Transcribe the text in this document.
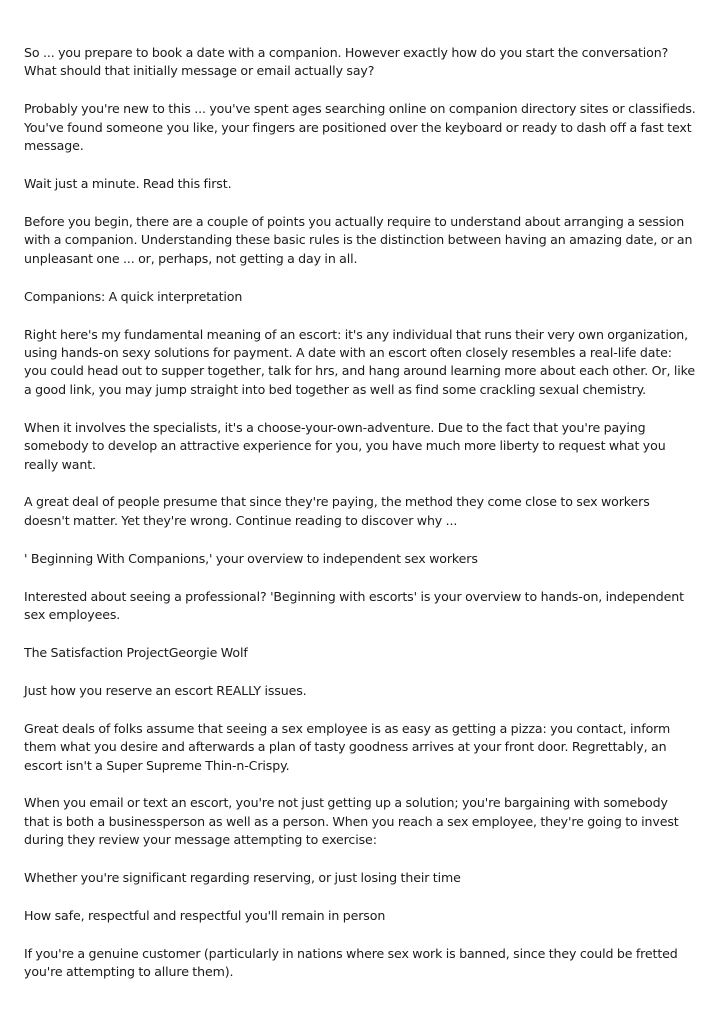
So ... you prepare to book a date with a companion. However exactly how do you start the conversation? What should that initially message or email actually say?

Probably you're new to this ... you've spent ages searching online on companion directory sites or classifieds. You've found someone you like, your fingers are positioned over the keyboard or ready to dash off a fast text message.

Wait just a minute. Read this first.

Before you begin, there are a couple of points you actually require to understand about arranging a session with a companion. Understanding these basic rules is the distinction between having an amazing date, or an unpleasant one ... or, perhaps, not getting a day in all.

Companions: A quick interpretation

Right here's my fundamental meaning of an escort: it's any individual that runs their very own organization, using hands-on sexy solutions for payment. A date with an escort often closely resembles a real-life date: you could head out to supper together, talk for hrs, and hang around learning more about each other. Or, like a good link, you may jump straight into bed together as well as find some crackling sexual chemistry.

When it involves the specialists, it's a choose-your-own-adventure. Due to the fact that you're paying somebody to develop an attractive experience for you, you have much more liberty to request what you really want.

A great deal of people presume that since they're paying, the method they come close to sex workers doesn't matter. Yet they're wrong. Continue reading to discover why ...

' Beginning With Companions,' your overview to independent sex workers

Interested about seeing a professional? 'Beginning with escorts' is your overview to hands-on, independent sex employees.

The Satisfaction ProjectGeorgie Wolf

Just how you reserve an escort REALLY issues.

Great deals of folks assume that seeing a sex employee is as easy as getting a pizza: you contact, inform them what you desire and afterwards a plan of tasty goodness arrives at your front door. Regrettably, an escort isn't a Super Supreme Thin-n-Crispy.

When you email or text an escort, you're not just getting up a solution; you're bargaining with somebody that is both a businessperson as well as a person. When you reach a sex employee, they're going to invest during they review your message attempting to exercise:

Whether you're significant regarding reserving, or just losing their time

How safe, respectful and respectful you'll remain in person

If you're a genuine customer (particularly in nations where sex work is banned, since they could be fretted you're attempting to allure them).
